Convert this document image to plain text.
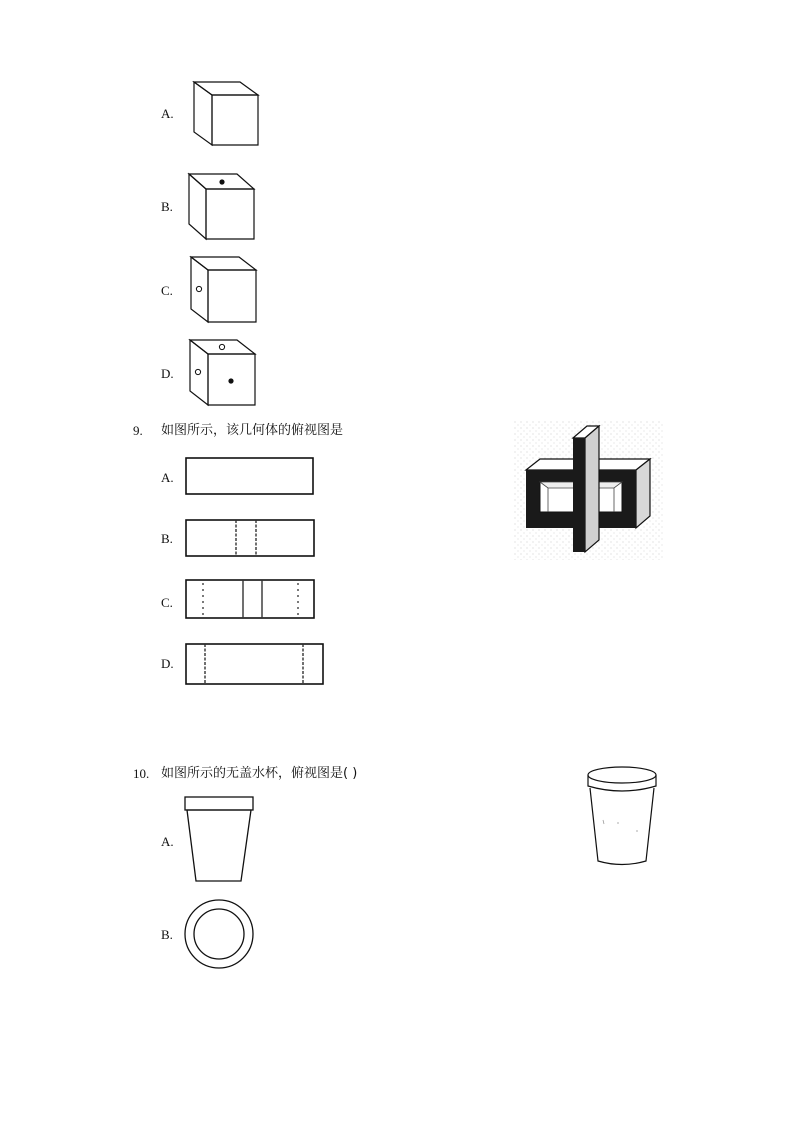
A.
B.
C.
D.
9. 如图所示，该几何体的俯视图是
A.
B.
C.
D.
10. 如图所示的无盖水杯，俯视图是( )
A.
B.
